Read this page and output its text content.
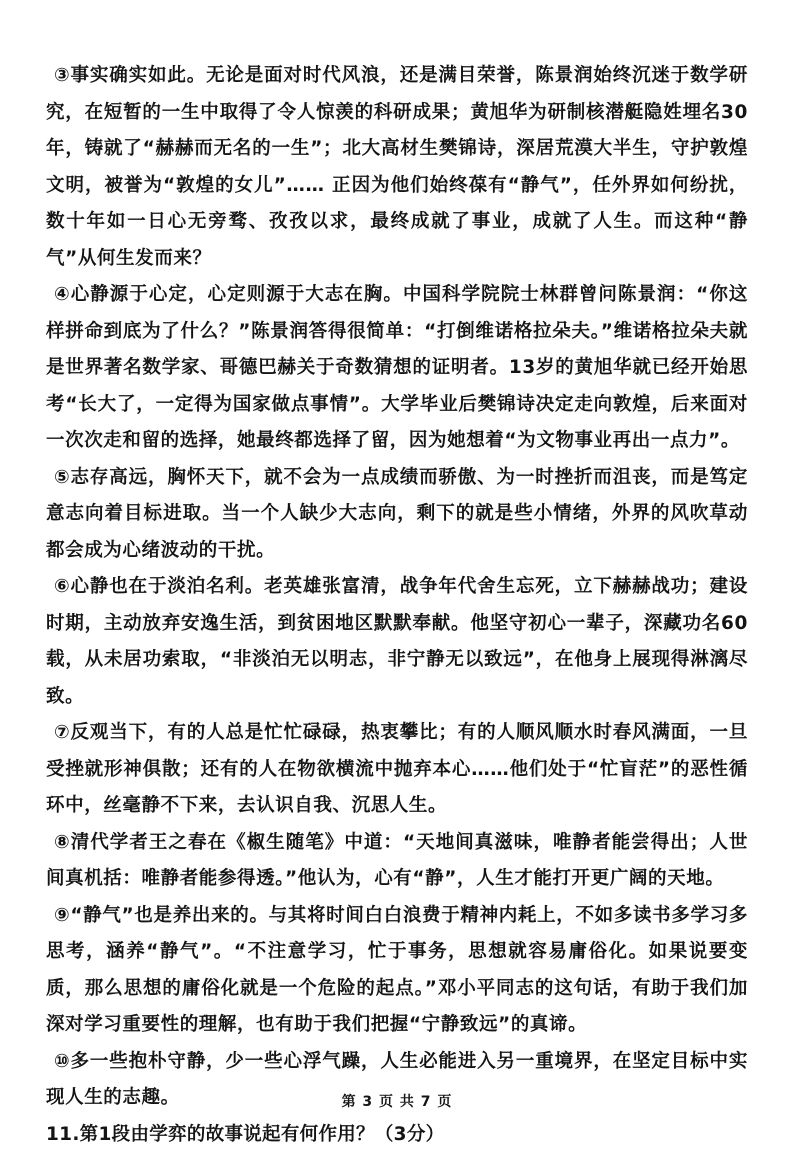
③事实确实如此。无论是面对时代风浪，还是满目荣誉，陈景润始终沉迷于数学研究，在短暂的一生中取得了令人惊羡的科研成果；黄旭华为研制核潜艇隐姓埋名30年，铸就了“赫赫而无名的一生”；北大高材生樊锦诗，深居荒漠大半生，守护敦煌文明，被誉为“敦煌的女儿”…… 正因为他们始终葆有“静气”，任外界如何纷扰，数十年如一日心无旁骛、孜孜以求，最终成就了事业，成就了人生。而这种“静气”从何生发而来？

④心静源于心定，心定则源于大志在胸。中国科学院院士林群曾问陈景润：“你这样拼命到底为了什么？”陈景润答得很简单：“打倒维诺格拉朵夫。”维诺格拉朵夫就是世界著名数学家、哥德巴赫关于奇数猜想的证明者。13岁的黄旭华就已经开始思考“长大了，一定得为国家做点事情”。大学毕业后樊锦诗决定走向敦煌，后来面对一次次走和留的选择，她最终都选择了留，因为她想着“为文物事业再出一点力”。

⑤志存高远，胸怀天下，就不会为一点成绩而骄傲、为一时挫折而沮丧，而是笃定意志向着目标进取。当一个人缺少大志向，剩下的就是些小情绪，外界的风吹草动都会成为心绪波动的干扰。

⑥心静也在于淡泊名利。老英雄张富清，战争年代舍生忘死，立下赫赫战功；建设时期，主动放弃安逸生活，到贫困地区默默奉献。他坚守初心一辈子，深藏功名60载，从未居功索取，“非淡泊无以明志，非宁静无以致远”，在他身上展现得淋漓尽致。

⑦反观当下，有的人总是忙忙碌碌，热衷攀比；有的人顺风顺水时春风满面，一旦受挫就形神俱散；还有的人在物欲横流中抛弃本心……他们处于“忙盲茫”的恶性循环中，丝毫静不下来，去认识自我、沉思人生。

⑧清代学者王之春在《椒生随笔》中道：“天地间真滋味，唯静者能尝得出；人世间真机括：唯静者能参得透。”他认为，心有“静”，人生才能打开更广阔的天地。

⑨“静气”也是养出来的。与其将时间白白浪费于精神内耗上，不如多读书多学习多思考，涵养“静气”。“不注意学习，忙于事务，思想就容易庸俗化。如果说要变质，那么思想的庸俗化就是一个危险的起点。”邓小平同志的这句话，有助于我们加深对学习重要性的理解，也有助于我们把握“宁静致远”的真谛。

⑩多一些抱朴守静，少一些心浮气躁，人生必能进入另一重境界，在坚定目标中实现人生的志趣。

11.第1段由学弈的故事说起有何作用？（3分）

第 3 页 共 7 页
